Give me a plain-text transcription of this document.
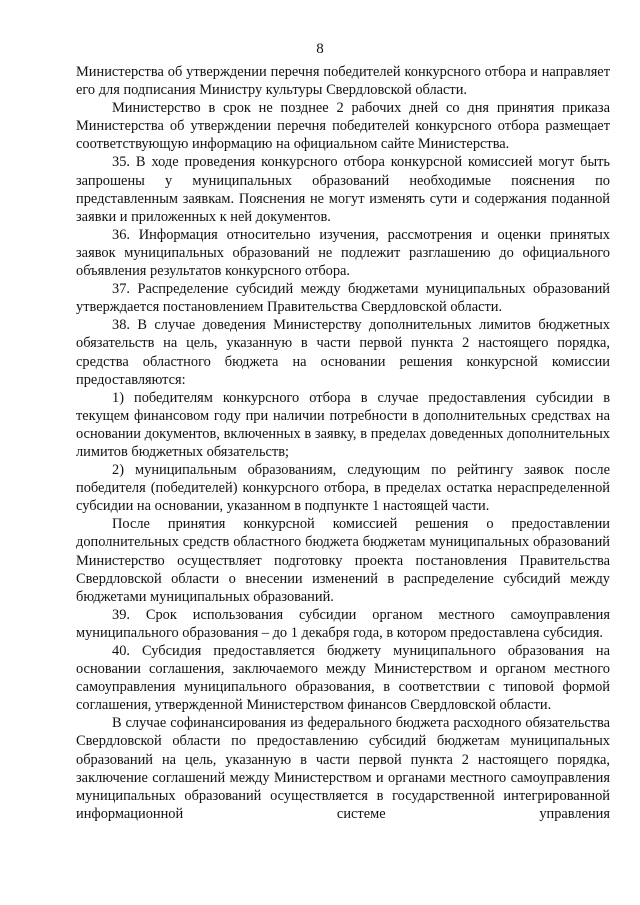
8

Министерства об утверждении перечня победителей конкурсного отбора и направляет его для подписания Министру культуры Свердловской области.

Министерство в срок не позднее 2 рабочих дней со дня принятия приказа Министерства об утверждении перечня победителей конкурсного отбора размещает соответствующую информацию на официальном сайте Министерства.

35. В ходе проведения конкурсного отбора конкурсной комиссией могут быть запрошены у муниципальных образований необходимые пояснения по представленным заявкам. Пояснения не могут изменять сути и содержания поданной заявки и приложенных к ней документов.

36. Информация относительно изучения, рассмотрения и оценки принятых заявок муниципальных образований не подлежит разглашению до официального объявления результатов конкурсного отбора.

37. Распределение субсидий между бюджетами муниципальных образований утверждается постановлением Правительства Свердловской области.

38. В случае доведения Министерству дополнительных лимитов бюджетных обязательств на цель, указанную в части первой пункта 2 настоящего порядка, средства областного бюджета на основании решения конкурсной комиссии предоставляются:

1) победителям конкурсного отбора в случае предоставления субсидии в текущем финансовом году при наличии потребности в дополнительных средствах на основании документов, включенных в заявку, в пределах доведенных дополнительных лимитов бюджетных обязательств;

2) муниципальным образованиям, следующим по рейтингу заявок после победителя (победителей) конкурсного отбора, в пределах остатка нераспределенной субсидии на основании, указанном в подпункте 1 настоящей части.

После принятия конкурсной комиссией решения о предоставлении дополнительных средств областного бюджета бюджетам муниципальных образований Министерство осуществляет подготовку проекта постановления Правительства Свердловской области о внесении изменений в распределение субсидий между бюджетами муниципальных образований.

39. Срок использования субсидии органом местного самоуправления муниципального образования – до 1 декабря года, в котором предоставлена субсидия.

40. Субсидия предоставляется бюджету муниципального образования на основании соглашения, заключаемого между Министерством и органом местного самоуправления муниципального образования, в соответствии с типовой формой соглашения, утвержденной Министерством финансов Свердловской области.

В случае софинансирования из федерального бюджета расходного обязательства Свердловской области по предоставлению субсидий бюджетам муниципальных образований на цель, указанную в части первой пункта 2 настоящего порядка, заключение соглашений между Министерством и органами местного самоуправления муниципальных образований осуществляется в государственной интегрированной информационной системе управления
